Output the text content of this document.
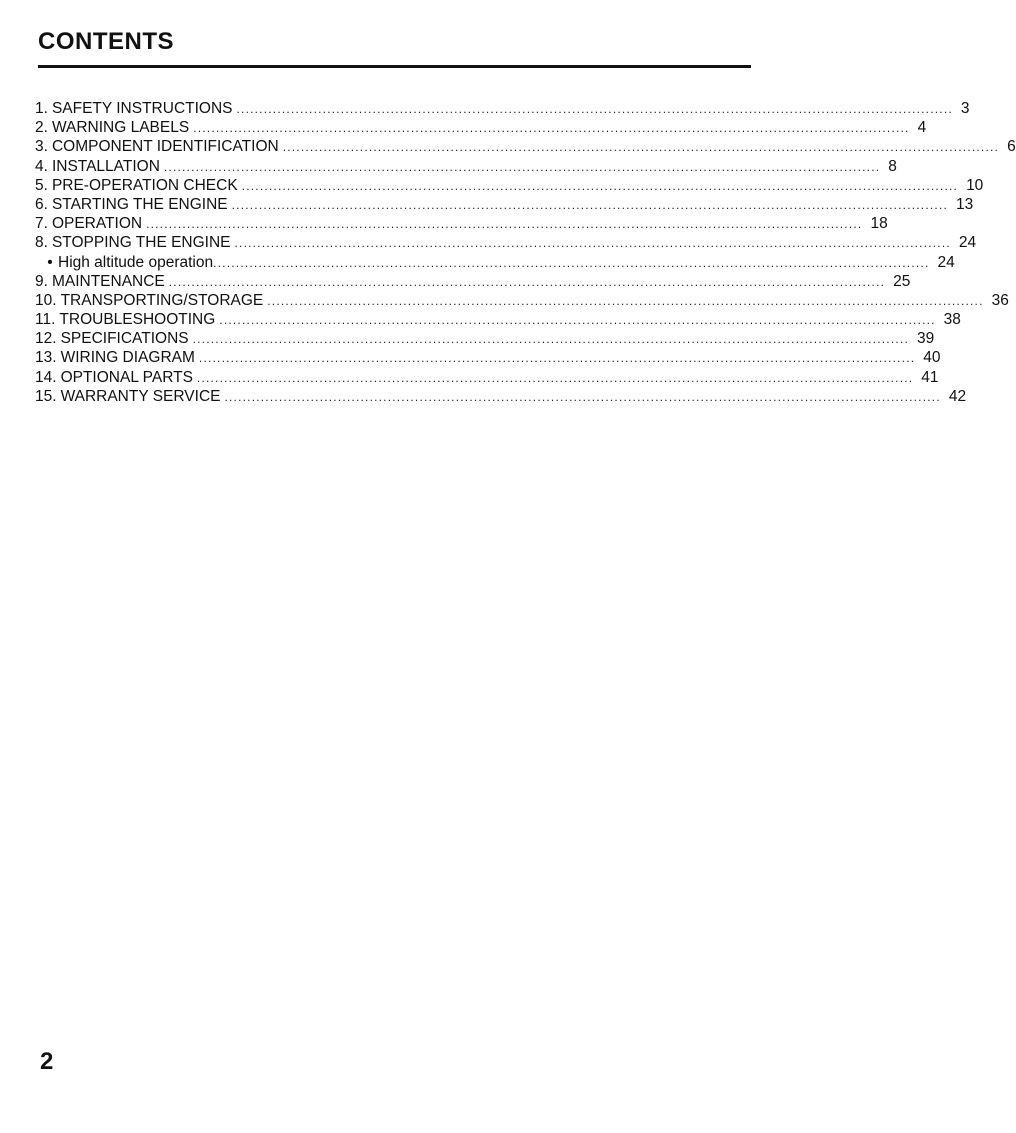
CONTENTS
1. SAFETY INSTRUCTIONS .............................................................................................................................................................. 3
2. WARNING LABELS .............................................................................................................................................................. 4
3. COMPONENT IDENTIFICATION .............................................................................................................................................................. 6
4. INSTALLATION .............................................................................................................................................................. 8
5. PRE-OPERATION CHECK .............................................................................................................................................................. 10
6. STARTING THE ENGINE .............................................................................................................................................................. 13
7. OPERATION .............................................................................................................................................................. 18
8. STOPPING THE ENGINE .............................................................................................................................................................. 24
• High altitude operation .............................................................................................................................................................. 24
9. MAINTENANCE .............................................................................................................................................................. 25
10. TRANSPORTING/STORAGE .............................................................................................................................................................. 36
11. TROUBLESHOOTING .............................................................................................................................................................. 38
12. SPECIFICATIONS .............................................................................................................................................................. 39
13. WIRING DIAGRAM .............................................................................................................................................................. 40
14. OPTIONAL PARTS .............................................................................................................................................................. 41
15. WARRANTY SERVICE .............................................................................................................................................................. 42
2
